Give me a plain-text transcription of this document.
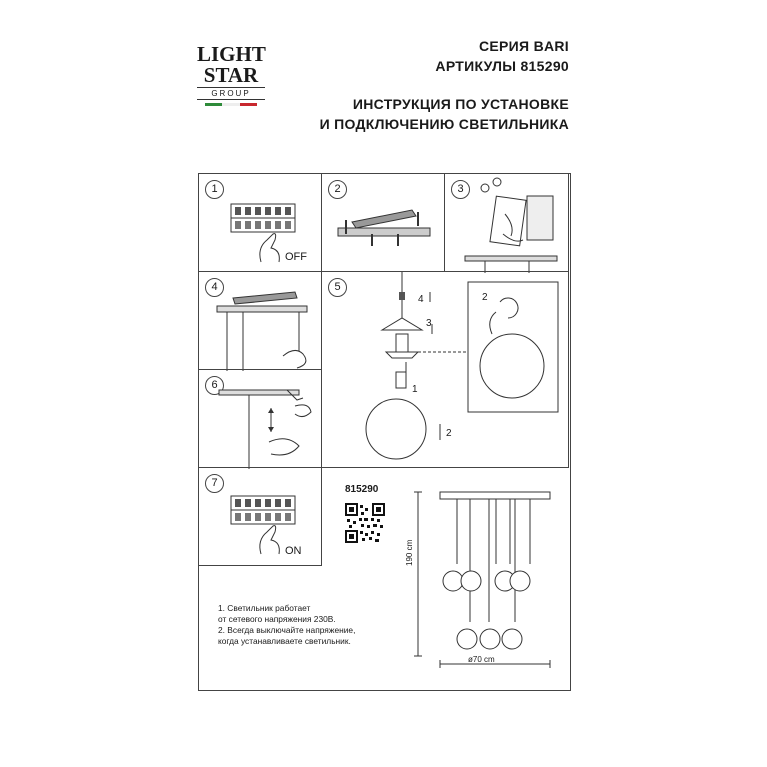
LIGHT
STAR
GROUP
СЕРИЯ BARI
АРТИКУЛЫ 815290
ИНСТРУКЦИЯ ПО УСТАНОВКЕ
И ПОДКЛЮЧЕНИЮ СВЕТИЛЬНИКА
1
OFF
2	3
4	5
4
3
1
2
2
6
7
ON
815290
190 cm
ø70 cm
1. Светильник работает
от сетевого напряжения 230В.
2. Всегда выключайте напряжение,
когда устанавливаете светильник.
